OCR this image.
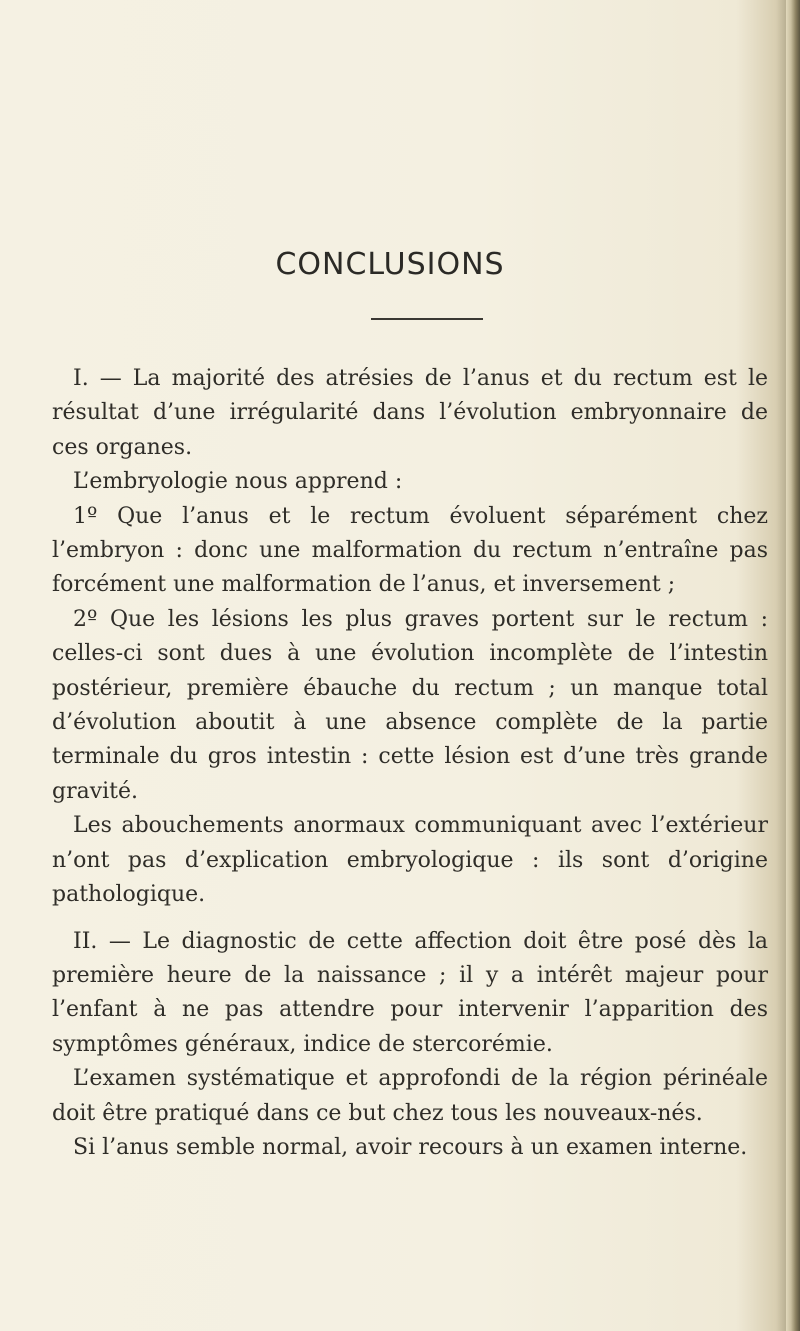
CONCLUSIONS

I. — La majorité des atrésies de l’anus et du rectum est le résultat d’une irrégularité dans l’évolution embryonnaire de ces organes.

L’embryologie nous apprend :

1º Que l’anus et le rectum évoluent séparément chez l’embryon : donc une malformation du rectum n’entraîne pas forcément une malformation de l’anus, et inversement ;

2º Que les lésions les plus graves portent sur le rectum : celles-ci sont dues à une évolution incomplète de l’intestin postérieur, première ébauche du rectum ; un manque total d’évolution aboutit à une absence complète de la partie terminale du gros intestin : cette lésion est d’une très grande gravité.

Les abouchements anormaux communiquant avec l’extérieur n’ont pas d’explication embryologique : ils sont d’origine pathologique.

II. — Le diagnostic de cette affection doit être posé dès la première heure de la naissance ; il y a intérêt majeur pour l’enfant à ne pas attendre pour intervenir l’apparition des symptômes généraux, indice de stercorémie.

L’examen systématique et approfondi de la région périnéale doit être pratiqué dans ce but chez tous les nouveaux-nés.

Si l’anus semble normal, avoir recours à un examen interne.
